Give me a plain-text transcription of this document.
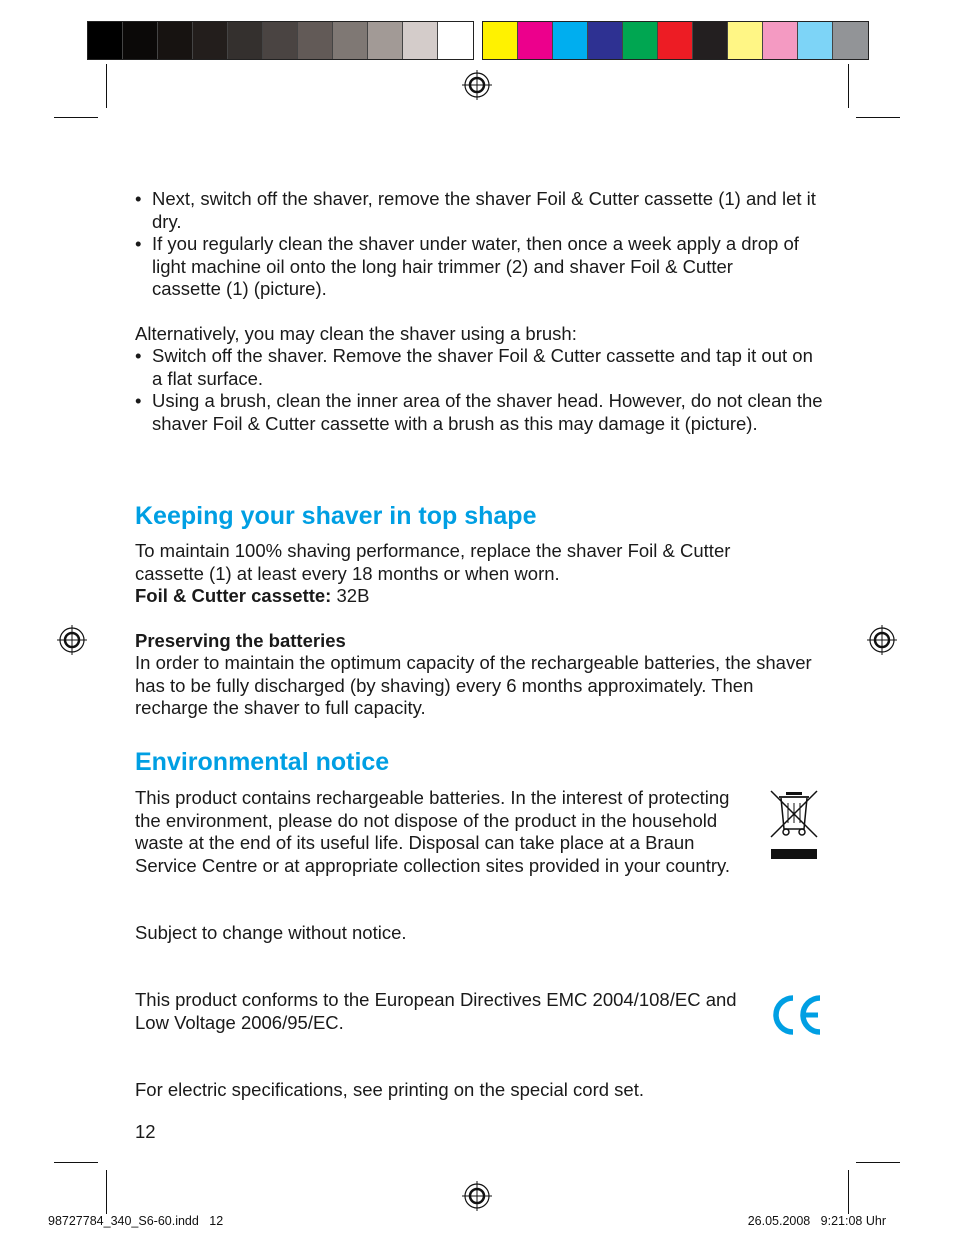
• Next, switch off the shaver, remove the shaver Foil & Cutter cassette (1) and let it dry.
• If you regularly clean the shaver under water, then once a week apply a drop of light machine oil onto the long hair trimmer (2) and shaver Foil & Cutter cassette (1) (picture).

Alternatively, you may clean the shaver using a brush:

• Switch off the shaver. Remove the shaver Foil & Cutter cassette and tap it out on a flat surface.
• Using a brush, clean the inner area of the shaver head. However, do not clean the shaver Foil & Cutter cassette with a brush as this may damage it (picture).
Keeping your shaver in top shape

To maintain 100% shaving performance, replace the shaver Foil & Cutter cassette (1) at least every 18 months or when worn.

Foil & Cutter cassette: 32B

Preserving the batteries

In order to maintain the optimum capacity of the rechargeable batteries, the shaver has to be fully discharged (by shaving) every 6 months approximately. Then recharge the shaver to full capacity.

Environmental notice

This product contains rechargeable batteries. In the interest of protecting the environment, please do not dispose of the product in the household waste at the end of its useful life. Disposal can take place at a Braun Service Centre or at appropriate collection sites provided in your country.

Subject to change without notice.

This product conforms to the European Directives EMC 2004/108/EC and Low Voltage 2006/95/EC.

For electric specifications, see printing on the special cord set.

12

98727784_340_S6-60.indd   12	26.05.2008   9:21:08 Uhr
